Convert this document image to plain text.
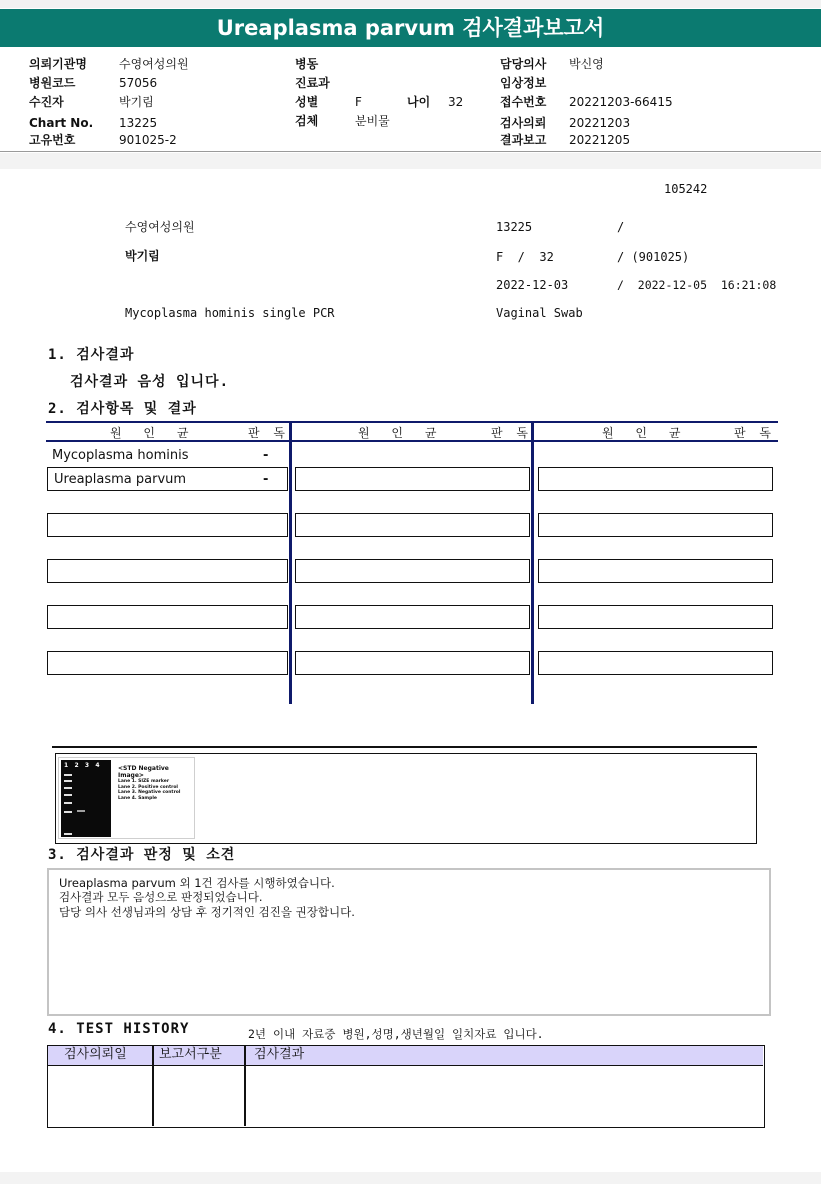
Ureaplasma parvum 검사결과보고서
의뢰기관명	수영여성의원
병원코드	57056
수진자	박기림
Chart No. 13225
고유번호	901025-2
병동
진료과
성별	F	나이 32
검체	분비물
담당의사 박신영
임상정보
접수번호 20221203-66415
검사의뢰 20221203
결과보고 20221205
105242
수영여성의원	13225	/
박기림	F  /  32	/ (901025)
2022-12-03	/  2022-12-05  16:21:08
Mycoplasma hominis single PCR	Vaginal Swab
1. 검사결과
검사결과 음성 입니다.
2. 검사항목 및 결과
원 인 균	판 독	원 인 균	판 독	원 인 균	판 독
Mycoplasma hominis	-
Ureaplasma parvum	-
1   2   3   4	<STD Negative Image>
Lane 1. SIZE marker
Lane 2. Positive control
Lane 3. Negative control
Lane 4. Sample
3. 검사결과 판정 및 소견
Ureaplasma parvum 외 1건 검사를 시행하였습니다.
검사결과 모두 음성으로 판정되었습니다.
담당 의사 선생님과의 상담 후 정기적인 검진을 권장합니다.
4. TEST HISTORY	2년 이내 자료중 병원,성명,생년월일 일치자료 입니다.
검사의뢰일 보고서구분 검사결과
